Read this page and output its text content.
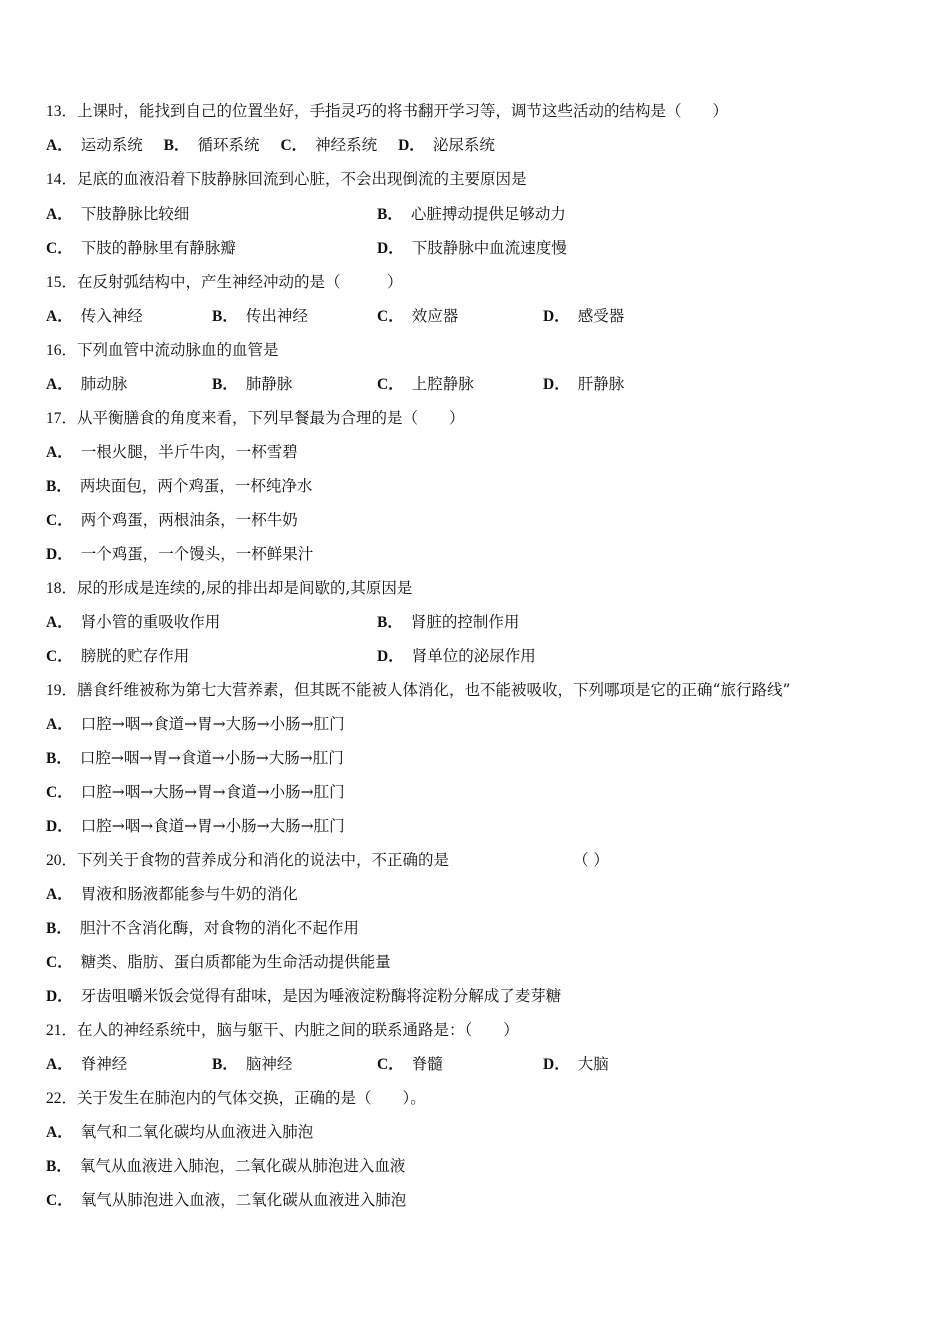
13．上课时，能找到自己的位置坐好，手指灵巧的将书翻开学习等，调节这些活动的结构是（　　）
A． 运动系统 B． 循环系统 C． 神经系统 D． 泌尿系统
14．足底的血液沿着下肢静脉回流到心脏，不会出现倒流的主要原因是
A． 下肢静脉比较细	B． 心脏搏动提供足够动力
C． 下肢的静脉里有静脉瓣	D． 下肢静脉中血流速度慢
15．在反射弧结构中，产生神经冲动的是（　　　）
A． 传入神经	B． 传出神经	C． 效应器	D． 感受器
16．下列血管中流动脉血的血管是
A． 肺动脉	B． 肺静脉	C． 上腔静脉	D． 肝静脉
17．从平衡膳食的角度来看，下列早餐最为合理的是（　　）
A． 一根火腿，半斤牛肉，一杯雪碧
B． 两块面包，两个鸡蛋，一杯纯净水
C． 两个鸡蛋，两根油条，一杯牛奶
D． 一个鸡蛋，一个馒头，一杯鲜果汁
18．尿的形成是连续的,尿的排出却是间歇的,其原因是
A． 肾小管的重吸收作用	B． 肾脏的控制作用
C． 膀胱的贮存作用	D． 肾单位的泌尿作用
19．膳食纤维被称为第七大营养素，但其既不能被人体消化，也不能被吸收，下列哪项是它的正确“旅行路线”
A． 口腔→咽→食道→胃→大肠→小肠→肛门
B． 口腔→咽→胃→食道→小肠→大肠→肛门
C． 口腔→咽→大肠→胃→食道→小肠→肛门
D． 口腔→咽→食道→胃→小肠→大肠→肛门
20．下列关于食物的营养成分和消化的说法中，不正确的是	（ ）
A． 胃液和肠液都能参与牛奶的消化
B． 胆汁不含消化酶，对食物的消化不起作用
C． 糖类、脂肪、蛋白质都能为生命活动提供能量
D． 牙齿咀嚼米饭会觉得有甜味，是因为唾液淀粉酶将淀粉分解成了麦芽糖
21．在人的神经系统中，脑与躯干、内脏之间的联系通路是：（　　）
A． 脊神经	B． 脑神经	C． 脊髓	D． 大脑
22．关于发生在肺泡内的气体交换，正确的是（　　）。
A． 氧气和二氧化碳均从血液进入肺泡
B． 氧气从血液进入肺泡，二氧化碳从肺泡进入血液
C． 氧气从肺泡进入血液，二氧化碳从血液进入肺泡
